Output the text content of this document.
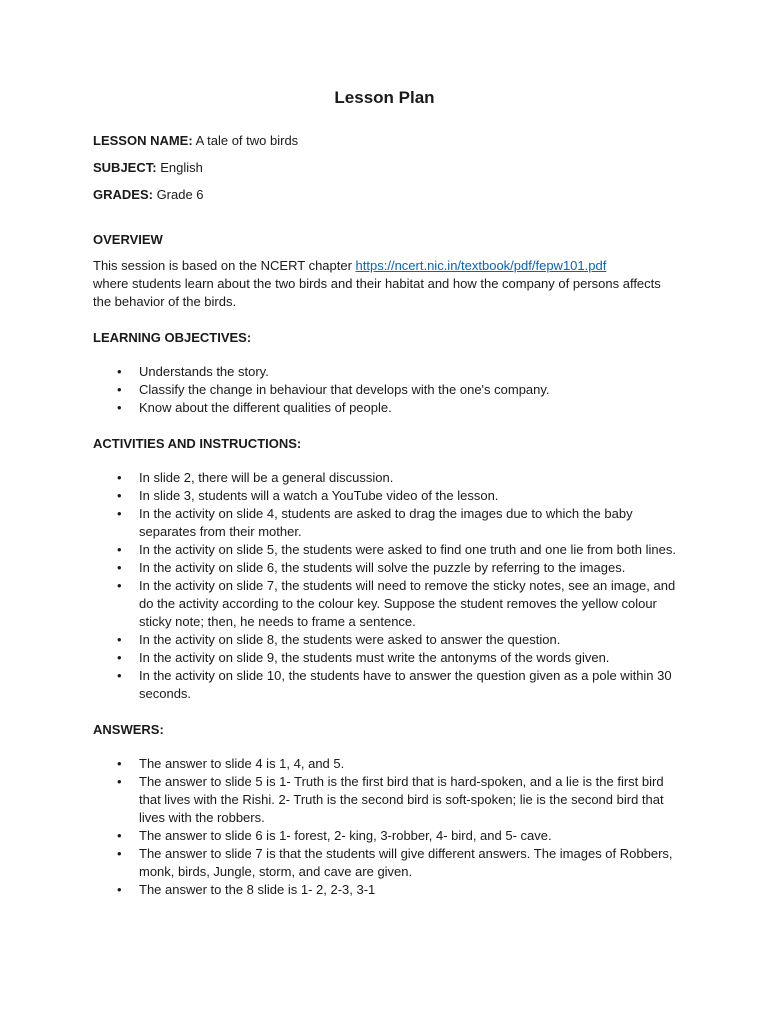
Lesson Plan
LESSON NAME: A tale of two birds
SUBJECT: English
GRADES: Grade 6
OVERVIEW

This session is based on the NCERT chapter https://ncert.nic.in/textbook/pdf/fepw101.pdf
where students learn about the two birds and their habitat and how the company of persons affects the behavior of the birds.

LEARNING OBJECTIVES:
• Understands the story.
• Classify the change in behaviour that develops with the one's company.
• Know about the different qualities of people.
ACTIVITIES AND INSTRUCTIONS:
• In slide 2, there will be a general discussion.
• In slide 3, students will a watch a YouTube video of the lesson.
• In the activity on slide 4, students are asked to drag the images due to which the baby separates from their mother.
• In the activity on slide 5, the students were asked to find one truth and one lie from both lines.
• In the activity on slide 6, the students will solve the puzzle by referring to the images.
• In the activity on slide 7, the students will need to remove the sticky notes, see an image, and do the activity according to the colour key. Suppose the student removes the yellow colour sticky note; then, he needs to frame a sentence.
• In the activity on slide 8, the students were asked to answer the question.
• In the activity on slide 9, the students must write the antonyms of the words given.
• In the activity on slide 10, the students have to answer the question given as a pole within 30 seconds.
ANSWERS:
• The answer to slide 4 is 1, 4, and 5.
• The answer to slide 5 is 1- Truth is the first bird that is hard-spoken, and a lie is the first bird that lives with the Rishi. 2- Truth is the second bird is soft-spoken; lie is the second bird that lives with the robbers.
• The answer to slide 6 is 1- forest, 2- king, 3-robber, 4- bird, and 5- cave.
• The answer to slide 7 is that the students will give different answers. The images of Robbers, monk, birds, Jungle, storm, and cave are given.
• The answer to the 8 slide is 1- 2, 2-3, 3-1
